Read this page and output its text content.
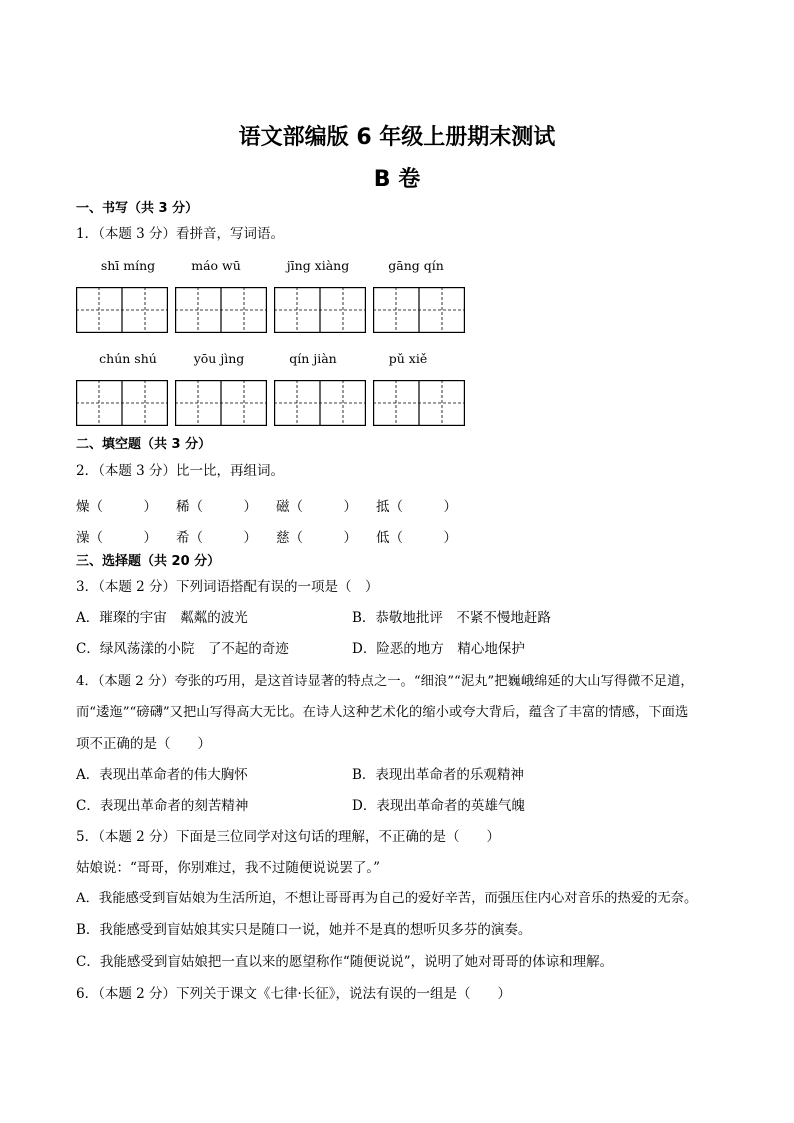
语文部编版 6 年级上册期末测试
B 卷
一、书写（共 3 分）
1．（本题 3 分）看拼音，写词语。
shī míng	máo wū	jīng xiàng	gāng qín
chún shú	yōu jìng	qín jiàn	pǔ xiě
二、填空题（共 3 分）
2．（本题 3 分）比一比，再组词。
燥（　　　） 稀（　　　） 磁（　　　） 抵（　　　）
澡（　　　） 希（　　　） 慈（　　　） 低（　　　）
三、选择题（共 20 分）
3．（本题 2 分）下列词语搭配有误的一项是（　）
A．璀璨的宇宙　粼粼的波光	B．恭敬地批评　不紧不慢地赶路
C．绿风荡漾的小院　了不起的奇迹	D．险恶的地方　精心地保护
4．（本题 2 分）夸张的巧用，是这首诗显著的特点之一。“细浪”“泥丸”把巍峨绵延的大山写得微不足道，
而“逶迤”“磅礴”又把山写得高大无比。在诗人这种艺术化的缩小或夸大背后，蕴含了丰富的情感，下面选
项不正确的是（　　）
A．表现出革命者的伟大胸怀	B．表现出革命者的乐观精神
C．表现出革命者的刻苦精神	D．表现出革命者的英雄气魄
5．（本题 2 分）下面是三位同学对这句话的理解，不正确的是（　　）
姑娘说：“哥哥，你别难过，我不过随便说说罢了。”
A．我能感受到盲姑娘为生活所迫，不想让哥哥再为自己的爱好辛苦，而强压住内心对音乐的热爱的无奈。
B．我能感受到盲姑娘其实只是随口一说，她并不是真的想听贝多芬的演奏。
C．我能感受到盲姑娘把一直以来的愿望称作“随便说说”，说明了她对哥哥的体谅和理解。
6．（本题 2 分）下列关于课文《七律·长征》，说法有误的一组是（　　）
